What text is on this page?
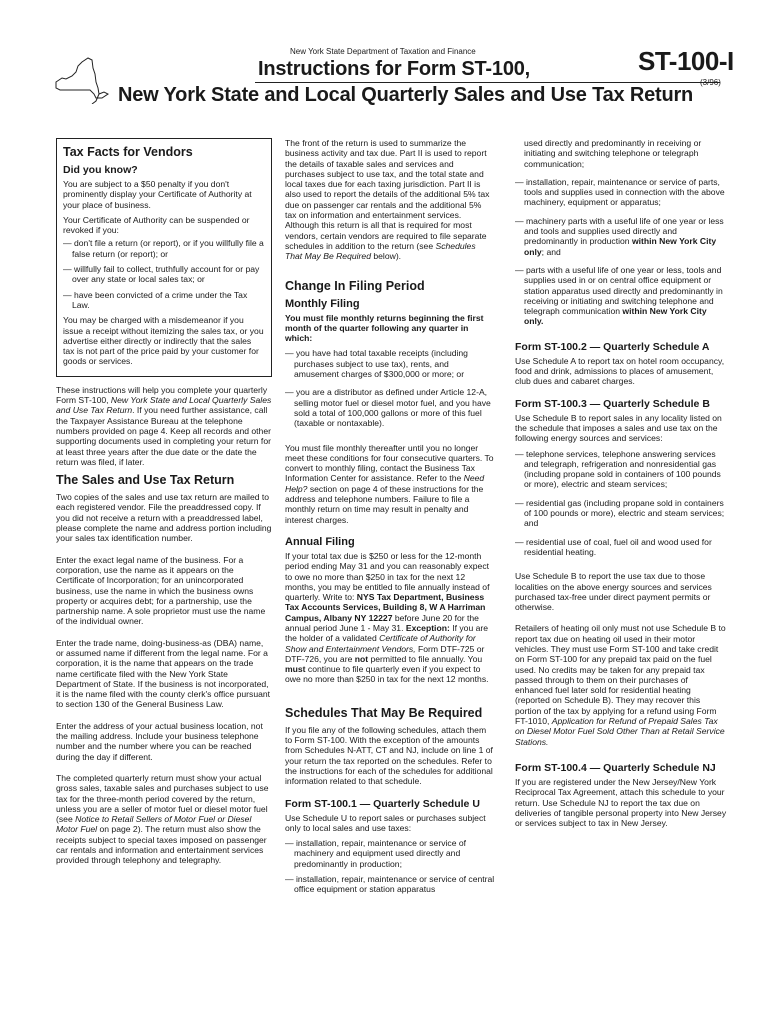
New York State Department of Taxation and Finance
Instructions for Form ST-100,
New York State and Local Quarterly Sales and Use Tax Return
ST-100-I
(3/96)
Tax Facts for Vendors
Did you know?

You are subject to a $50 penalty if you don't prominently display your Certificate of Authority at your place of business.

Your Certificate of Authority can be suspended or revoked if you:

— don't file a return (or report), or if you willfully file a false return (or report); or
— willfully fail to collect, truthfully account for or pay over any state or local sales tax; or
— have been convicted of a crime under the Tax Law.

You may be charged with a misdemeanor if you issue a receipt without itemizing the sales tax, or you advertise either directly or indirectly that the sales tax is not part of the price paid by your customer for goods or services.

These instructions will help you complete your quarterly Form ST-100, New York State and Local Quarterly Sales and Use Tax Return. If you need further assistance, call the Taxpayer Assistance Bureau at the telephone numbers provided on page 4. Keep all records and other supporting documents used in completing your return for at least three years after the due date or the date the return was filed, if later.

The Sales and Use Tax Return

Two copies of the sales and use tax return are mailed to each registered vendor. File the preaddressed copy. If you did not receive a return with a preaddressed label, please complete the name and address portion including your sales tax identification number.

Enter the exact legal name of the business. For a corporation, use the name as it appears on the Certificate of Incorporation; for an unincorporated business, use the name in which the business owns property or acquires debt; for a partnership, use the partnership name. A sole proprietor must use the name of the individual owner.

Enter the trade name, doing-business-as (DBA) name, or assumed name if different from the legal name. For a corporation, it is the name that appears on the trade name certificate filed with the New York State Department of State. If the business is not incorporated, it is the name filed with the county clerk's office pursuant to section 130 of the General Business Law.

Enter the address of your actual business location, not the mailing address. Include your business telephone number and the number where you can be reached during the day if different.

The completed quarterly return must show your actual gross sales, taxable sales and purchases subject to use tax for the three-month period covered by the return, unless you are a seller of motor fuel or diesel motor fuel (see Notice to Retail Sellers of Motor Fuel or Diesel Motor Fuel on page 2). The return must also show the receipts subject to special taxes imposed on passenger car rentals and information and entertainment services provided through telephony and telegraphy.

The front of the return is used to summarize the business activity and tax due. Part II is used to report the details of taxable sales and services and purchases subject to use tax, and the total state and local taxes due for each taxing jurisdiction. Part II is also used to report the details of the additional 5% tax due on passenger car rentals and the additional 5% tax on information and entertainment services. Although this return is all that is required for most vendors, certain vendors are required to file separate schedules in addition to the return (see Schedules That May Be Required below).

Change In Filing Period
Monthly Filing

You must file monthly returns beginning the first month of the quarter following any quarter in which:

— you have had total taxable receipts (including purchases subject to use tax), rents, and amusement charges of $300,000 or more; or
— you are a distributor as defined under Article 12-A, selling motor fuel or diesel motor fuel, and you have sold a total of 100,000 gallons or more of this fuel (taxable or nontaxable).

You must file monthly thereafter until you no longer meet these conditions for four consecutive quarters. To convert to monthly filing, contact the Business Tax Information Center for assistance. Refer to the Need Help? section on page 4 of these instructions for the address and telephone numbers. Failure to file a monthly return on time may result in penalty and interest charges.

Annual Filing

If your total tax due is $250 or less for the 12-month period ending May 31 and you can reasonably expect to owe no more than $250 in tax for the next 12 months, you may be entitled to file annually instead of quarterly. Write to: NYS Tax Department, Business Tax Accounts Services, Building 8, W A Harriman Campus, Albany NY 12227 before June 20 for the annual period June 1 - May 31. Exception: If you are the holder of a validated Certificate of Authority for Show and Entertainment Vendors, Form DTF-725 or DTF-726, you are not permitted to file annually. You must continue to file quarterly even if you expect to owe no more than $250 in tax for the next 12 months.

Schedules That May Be Required

If you file any of the following schedules, attach them to Form ST-100. With the exception of the amounts from Schedules N-ATT, CT and NJ, include on line 1 of your return the tax reported on the schedules. Refer to the instructions for each of the schedules for additional information related to that schedule.

Form ST-100.1 — Quarterly Schedule U

Use Schedule U to report sales or purchases subject only to local sales and use taxes:

— installation, repair, maintenance or service of machinery and equipment used directly and predominantly in production;
— installation, repair, maintenance or service of central office equipment or station apparatus
used directly and predominantly in receiving or initiating and switching telephone or telegraph communication;
— installation, repair, maintenance or service of parts, tools and supplies used in connection with the above machinery, equipment or apparatus;
— machinery parts with a useful life of one year or less and tools and supplies used directly and predominantly in production within New York City only; and
— parts with a useful life of one year or less, tools and supplies used in or on central office equipment or station apparatus used directly and predominantly in receiving or initiating and switching telephone and telegraph communication within New York City only.
Form ST-100.2 — Quarterly Schedule A

Use Schedule A to report tax on hotel room occupancy, food and drink, admissions to places of amusement, club dues and cabaret charges.

Form ST-100.3 — Quarterly Schedule B

Use Schedule B to report sales in any locality listed on the schedule that imposes a sales and use tax on the following energy sources and services:

— telephone services, telephone answering services and telegraph, refrigeration and nonresidential gas (including propane sold in containers of 100 pounds or more), electric and steam services;
— residential gas (including propane sold in containers of 100 pounds or more), electric and steam services; and
— residential use of coal, fuel oil and wood used for residential heating.

Use Schedule B to report the use tax due to those localities on the above energy sources and services purchased tax-free under direct payment permits or otherwise.

Retailers of heating oil only must not use Schedule B to report tax due on heating oil used in their motor vehicles. They must use Form ST-100 and take credit on Form ST-100 for any prepaid tax paid on the fuel used. No credits may be taken for any prepaid tax passed through to them on their purchases of enhanced fuel later sold for residential heating (reported on Schedule B). They may recover this portion of the tax by applying for a refund using Form FT-1010, Application for Refund of Prepaid Sales Tax on Diesel Motor Fuel Sold Other Than at Retail Service Stations.

Form ST-100.4 — Quarterly Schedule NJ

If you are registered under the New Jersey/New York Reciprocal Tax Agreement, attach this schedule to your return. Use Schedule NJ to report the tax due on deliveries of tangible personal property into New Jersey or services subject to tax in New Jersey.
